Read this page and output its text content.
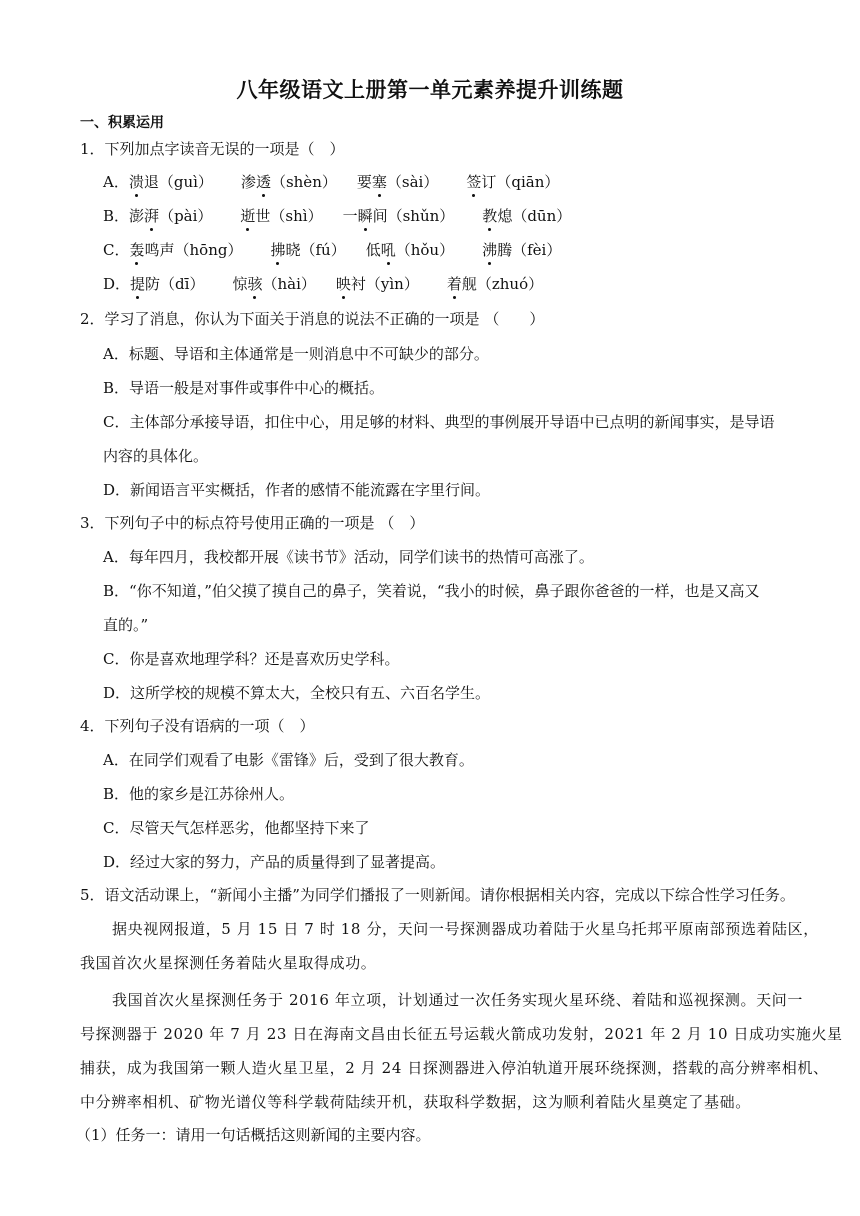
八年级语文上册第一单元素养提升训练题
一、积累运用
1．下列加点字读音无误的一项是（　）
A．溃退（guì） 渗透（shèn） 要塞（sài） 签订（qiān）
B．澎湃（pài） 逝世（shì） 一瞬间（shǔn） 教熄（dūn）
C．轰鸣声（hōng） 拂晓（fú） 低吼（hǒu） 沸腾（fèi）
D．提防（dī） 惊骇（hài） 映衬（yìn） 着舰（zhuó）
2．学习了消息，你认为下面关于消息的说法不正确的一项是 （　　）
A．标题、导语和主体通常是一则消息中不可缺少的部分。
B．导语一般是对事件或事件中心的概括。
C．主体部分承接导语，扣住中心，用足够的材料、典型的事例展开导语中已点明的新闻事实，是导语
内容的具体化。
D．新闻语言平实概括，作者的感情不能流露在字里行间。
3．下列句子中的标点符号使用正确的一项是 （　）
A．每年四月，我校都开展《读书节》活动，同学们读书的热情可高涨了。
B．“你不知道，”伯父摸了摸自己的鼻子，笑着说，“我小的时候，鼻子跟你爸爸的一样，也是又高又
直的。”
C．你是喜欢地理学科？还是喜欢历史学科。
D．这所学校的规模不算太大，全校只有五、六百名学生。
4．下列句子没有语病的一项（　）
A．在同学们观看了电影《雷锋》后，受到了很大教育。
B．他的家乡是江苏徐州人。
C．尽管天气怎样恶劣，他都坚持下来了
D．经过大家的努力，产品的质量得到了显著提高。
5．语文活动课上，“新闻小主播”为同学们播报了一则新闻。请你根据相关内容，完成以下综合性学习任务。
据央视网报道，5 月 15 日 7 时 18 分，天问一号探测器成功着陆于火星乌托邦平原南部预选着陆区，
我国首次火星探测任务着陆火星取得成功。
我国首次火星探测任务于 2016 年立项，计划通过一次任务实现火星环绕、着陆和巡视探测。天问一
号探测器于 2020 年 7 月 23 日在海南文昌由长征五号运载火箭成功发射，2021 年 2 月 10 日成功实施火星
捕获，成为我国第一颗人造火星卫星，2 月 24 日探测器进入停泊轨道开展环绕探测，搭载的高分辨率相机、
中分辨率相机、矿物光谱仪等科学载荷陆续开机，获取科学数据，这为顺利着陆火星奠定了基础。
（1）任务一：请用一句话概括这则新闻的主要内容。
